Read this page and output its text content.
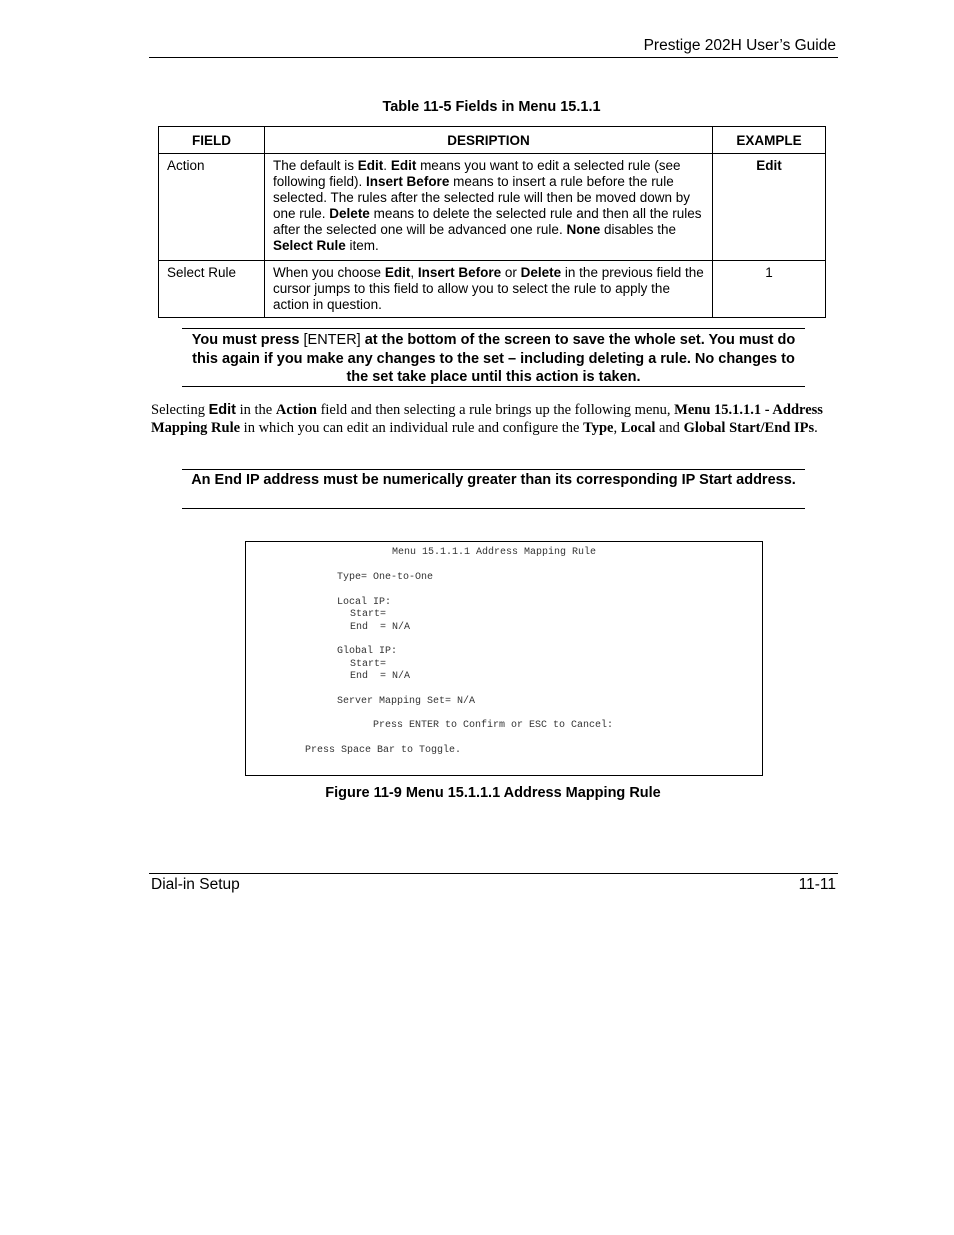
Prestige 202H User’s Guide
Table 11-5 Fields in Menu 15.1.1
FIELD	DESRIPTION	EXAMPLE
Action	The default is Edit. Edit means you want to edit a selected rule (see following field). Insert Before means to insert a rule before the rule selected. The rules after the selected rule will then be moved down by one rule. Delete means to delete the selected rule and then all the rules after the selected one will be advanced one rule. None disables the Select Rule item.	Edit
Select Rule	When you choose Edit, Insert Before or Delete in the previous field the cursor jumps to this field to allow you to select the rule to apply the action in question.	1
You must press [ENTER] at the bottom of the screen to save the whole set. You must do this again if you make any changes to the set – including deleting a rule. No changes to the set take place until this action is taken.
Selecting Edit in the Action field and then selecting a rule brings up the following menu, Menu 15.1.1.1 - Address Mapping Rule in which you can edit an individual rule and configure the Type, Local and Global Start/End IPs.
An End IP address must be numerically greater than its corresponding IP Start address.
Menu 15.1.1.1 Address Mapping Rule
Type= One-to-One
Local IP:
Start=
End  = N/A
Global IP:
Start=
End  = N/A
Server Mapping Set= N/A
Press ENTER to Confirm or ESC to Cancel:
Press Space Bar to Toggle.
Figure 11-9 Menu 15.1.1.1 Address Mapping Rule
Dial-in Setup	11-11
